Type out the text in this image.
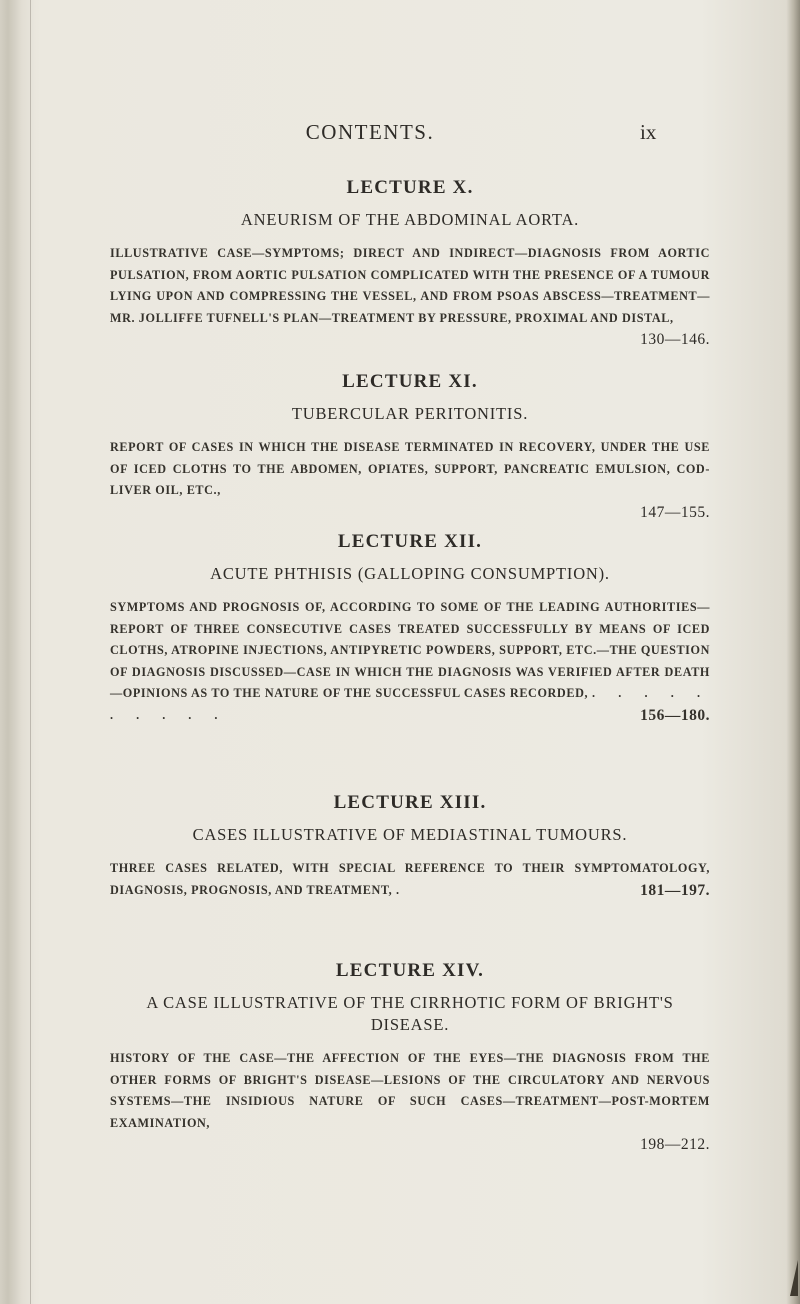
CONTENTS.	ix
LECTURE X.
ANEURISM OF THE ABDOMINAL AORTA.

ILLUSTRATIVE CASE—SYMPTOMS; DIRECT AND INDIRECT—DIAGNOSIS FROM AORTIC PULSATION, FROM AORTIC PULSATION COMPLICATED WITH THE PRESENCE OF A TUMOUR LYING UPON AND COMPRESSING THE VESSEL, AND FROM PSOAS ABSCESS—TREATMENT—MR. JOLLIFFE TUFNELL'S PLAN—TREATMENT BY PRESSURE, PROXIMAL AND DISTAL,

130—146.
LECTURE XI.
TUBERCULAR PERITONITIS.

REPORT OF CASES IN WHICH THE DISEASE TERMINATED IN RECOVERY, UNDER THE USE OF ICED CLOTHS TO THE ABDOMEN, OPIATES, SUPPORT, PANCREATIC EMULSION, COD-LIVER OIL, ETC.,

147—155.
LECTURE XII.
ACUTE PHTHISIS (GALLOPING CONSUMPTION).

SYMPTOMS AND PROGNOSIS OF, ACCORDING TO SOME OF THE LEADING AUTHORITIES—REPORT OF THREE CONSECUTIVE CASES TREATED SUCCESSFULLY BY MEANS OF ICED CLOTHS, ATROPINE INJECTIONS, ANTIPYRETIC POWDERS, SUPPORT, ETC.—THE QUESTION OF DIAGNOSIS DISCUSSED—CASE IN WHICH THE DIAGNOSIS WAS VERIFIED AFTER DEATH—OPINIONS AS TO THE NATURE OF THE SUCCESSFUL CASES RECORDED, . . . . . . . . . .	156—180.

LECTURE XIII.
CASES ILLUSTRATIVE OF MEDIASTINAL TUMOURS.

THREE CASES RELATED, WITH SPECIAL REFERENCE TO THEIR SYMPTOMATOLOGY, DIAGNOSIS, PROGNOSIS, AND TREATMENT, .	181—197.

LECTURE XIV.
A CASE ILLUSTRATIVE OF THE CIRRHOTIC FORM OF BRIGHT'S DISEASE.

HISTORY OF THE CASE—THE AFFECTION OF THE EYES—THE DIAGNOSIS FROM THE OTHER FORMS OF BRIGHT'S DISEASE—LESIONS OF THE CIRCULATORY AND NERVOUS SYSTEMS—THE INSIDIOUS NATURE OF SUCH CASES—TREATMENT—POST-MORTEM EXAMINATION,

198—212.
